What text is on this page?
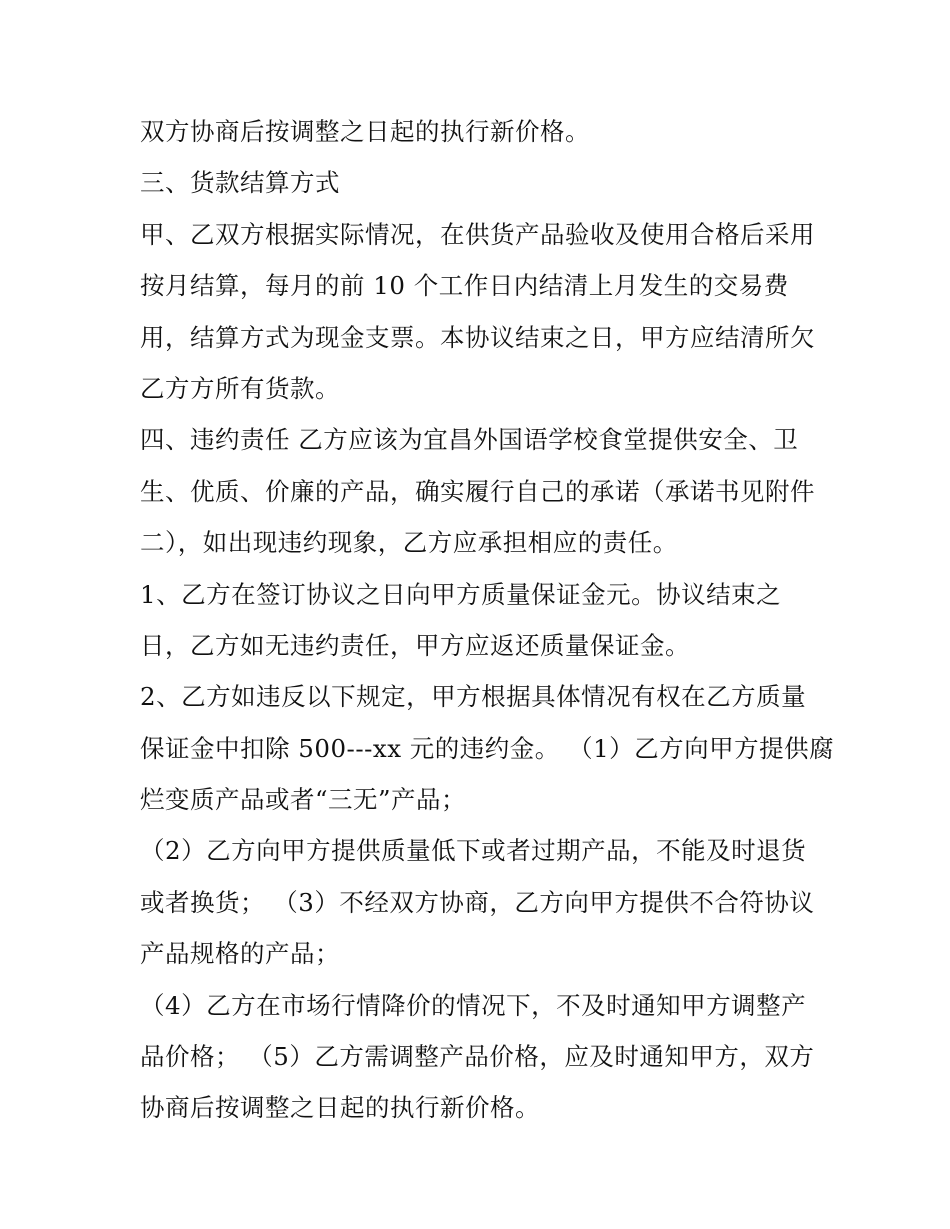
双方协商后按调整之日起的执行新价格。
三、货款结算方式
甲、乙双方根据实际情况，在供货产品验收及使用合格后采用
按月结算，每月的前 10 个工作日内结清上月发生的交易费
用，结算方式为现金支票。本协议结束之日，甲方应结清所欠
乙方方所有货款。
四、违约责任 乙方应该为宜昌外国语学校食堂提供安全、卫
生、优质、价廉的产品，确实履行自己的承诺（承诺书见附件
二），如出现违约现象，乙方应承担相应的责任。
1、乙方在签订协议之日向甲方质量保证金元。协议结束之
日，乙方如无违约责任，甲方应返还质量保证金。
2、乙方如违反以下规定，甲方根据具体情况有权在乙方质量
保证金中扣除 500---xx 元的违约金。 （1）乙方向甲方提供腐
烂变质产品或者“三无”产品；
（2）乙方向甲方提供质量低下或者过期产品，不能及时退货
或者换货； （3）不经双方协商，乙方向甲方提供不合符协议
产品规格的产品；
（4）乙方在市场行情降价的情况下，不及时通知甲方调整产
品价格； （5）乙方需调整产品价格，应及时通知甲方，双方
协商后按调整之日起的执行新价格。
